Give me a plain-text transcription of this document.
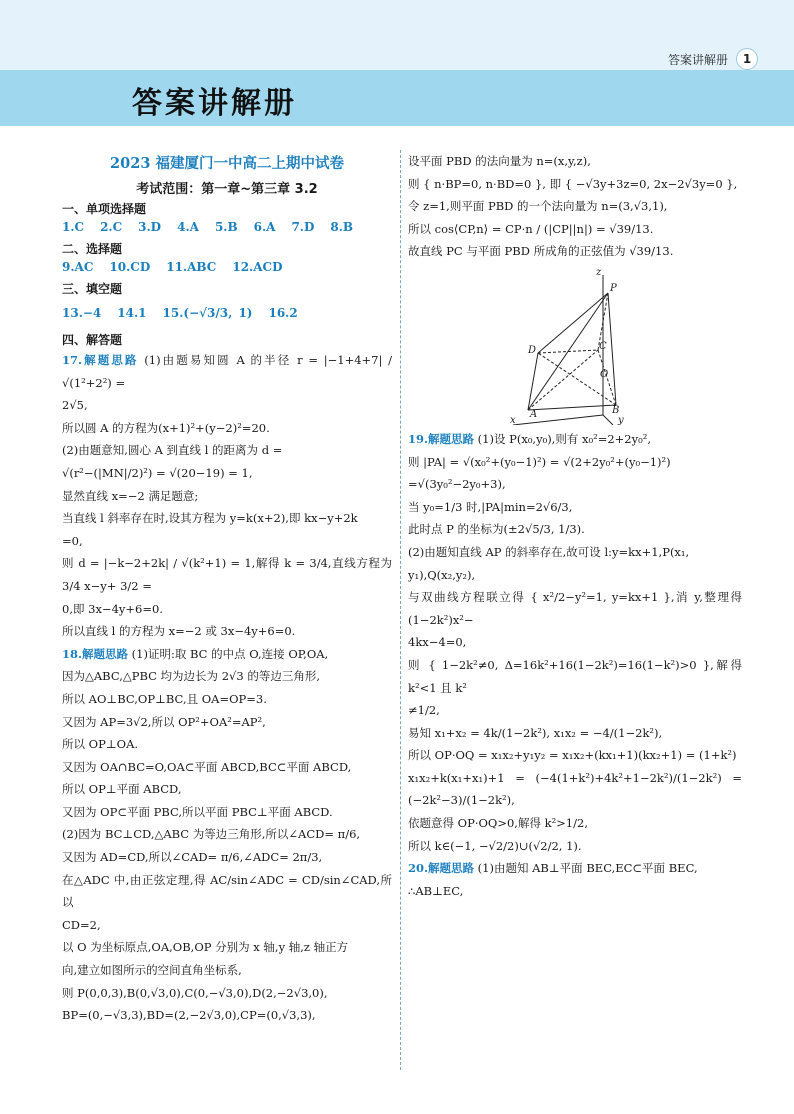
答案讲解册	1
答案讲解册
2023 福建厦门一中高二上期中试卷
考试范围：第一章~第三章 3.2
一、单项选择题
1.C 2.C 3.D 4.A 5.B 6.A 7.D 8.B
二、选择题
9.AC 10.CD 11.ABC 12.ACD
三、填空题
13.−4 14.1 15.(−√3/3, 1) 16.2
四、解答题

17.解题思路 (1)由题易知圆 A 的半径 r = |−1+4+7| / √(1²+2²) =

2√5,

所以圆 A 的方程为(x+1)²+(y−2)²=20.

(2)由题意知,圆心 A 到直线 l 的距离为 d =

√(r²−(|MN|/2)²) = √(20−19) = 1,

显然直线 x=−2 满足题意;

当直线 l 斜率存在时,设其方程为 y=k(x+2),即 kx−y+2k

=0,

则 d = |−k−2+2k| / √(k²+1) = 1,解得 k = 3/4,直线方程为 3/4 x−y+ 3/2 =

0,即 3x−4y+6=0.

所以直线 l 的方程为 x=−2 或 3x−4y+6=0.

18.解题思路 (1)证明:取 BC 的中点 O,连接 OP,OA,

因为△ABC,△PBC 均为边长为 2√3 的等边三角形,

所以 AO⊥BC,OP⊥BC,且 OA=OP=3.

又因为 AP=3√2,所以 OP²+OA²=AP²,

所以 OP⊥OA.

又因为 OA∩BC=O,OA⊂平面 ABCD,BC⊂平面 ABCD,

所以 OP⊥平面 ABCD,

又因为 OP⊂平面 PBC,所以平面 PBC⊥平面 ABCD.

(2)因为 BC⊥CD,△ABC 为等边三角形,所以∠ACD= π/6,

又因为 AD=CD,所以∠CAD= π/6,∠ADC= 2π/3,

在△ADC 中,由正弦定理,得 AC/sin∠ADC = CD/sin∠CAD,所以

CD=2,

以 O 为坐标原点,OA,OB,OP 分别为 x 轴,y 轴,z 轴正方

向,建立如图所示的空间直角坐标系,

则 P(0,0,3),B(0,√3,0),C(0,−√3,0),D(2,−2√3,0),

BP=(0,−√3,3),BD=(2,−2√3,0),CP=(0,√3,3),

设平面 PBD 的法向量为 n=(x,y,z),

则 { n·BP=0, n·BD=0 }, 即 { −√3y+3z=0, 2x−2√3y=0 },

令 z=1,则平面 PBD 的一个法向量为 n=(3,√3,1),

所以 cos⟨CP,n⟩ = CP·n / (|CP||n|) = √39/13.

故直线 PC 与平面 PBD 所成角的正弦值为 √39/13.

z
P
D	C
O
A	B
x	y

19.解题思路 (1)设 P(x₀,y₀),则有 x₀²=2+2y₀²,

则 |PA| = √(x₀²+(y₀−1)²) = √(2+2y₀²+(y₀−1)²)

=√(3y₀²−2y₀+3),

当 y₀=1/3 时,|PA|min=2√6/3,

此时点 P 的坐标为(±2√5/3, 1/3).

(2)由题知直线 AP 的斜率存在,故可设 l:y=kx+1,P(x₁,

y₁),Q(x₂,y₂),

与双曲线方程联立得 { x²/2−y²=1, y=kx+1 },消 y,整理得(1−2k²)x²−

4kx−4=0,

则 { 1−2k²≠0, Δ=16k²+16(1−2k²)=16(1−k²)>0 },解得 k²<1 且 k²

≠1/2,

易知 x₁+x₂ = 4k/(1−2k²), x₁x₂ = −4/(1−2k²),

所以 OP·OQ = x₁x₂+y₁y₂ = x₁x₂+(kx₁+1)(kx₂+1) = (1+k²)

x₁x₂+k(x₁+x₁)+1 = (−4(1+k²)+4k²+1−2k²)/(1−2k²) = (−2k²−3)/(1−2k²),

依题意得 OP·OQ>0,解得 k²>1/2,

所以 k∈(−1, −√2/2)∪(√2/2, 1).

20.解题思路 (1)由题知 AB⊥平面 BEC,EC⊂平面 BEC,

∴AB⊥EC,
